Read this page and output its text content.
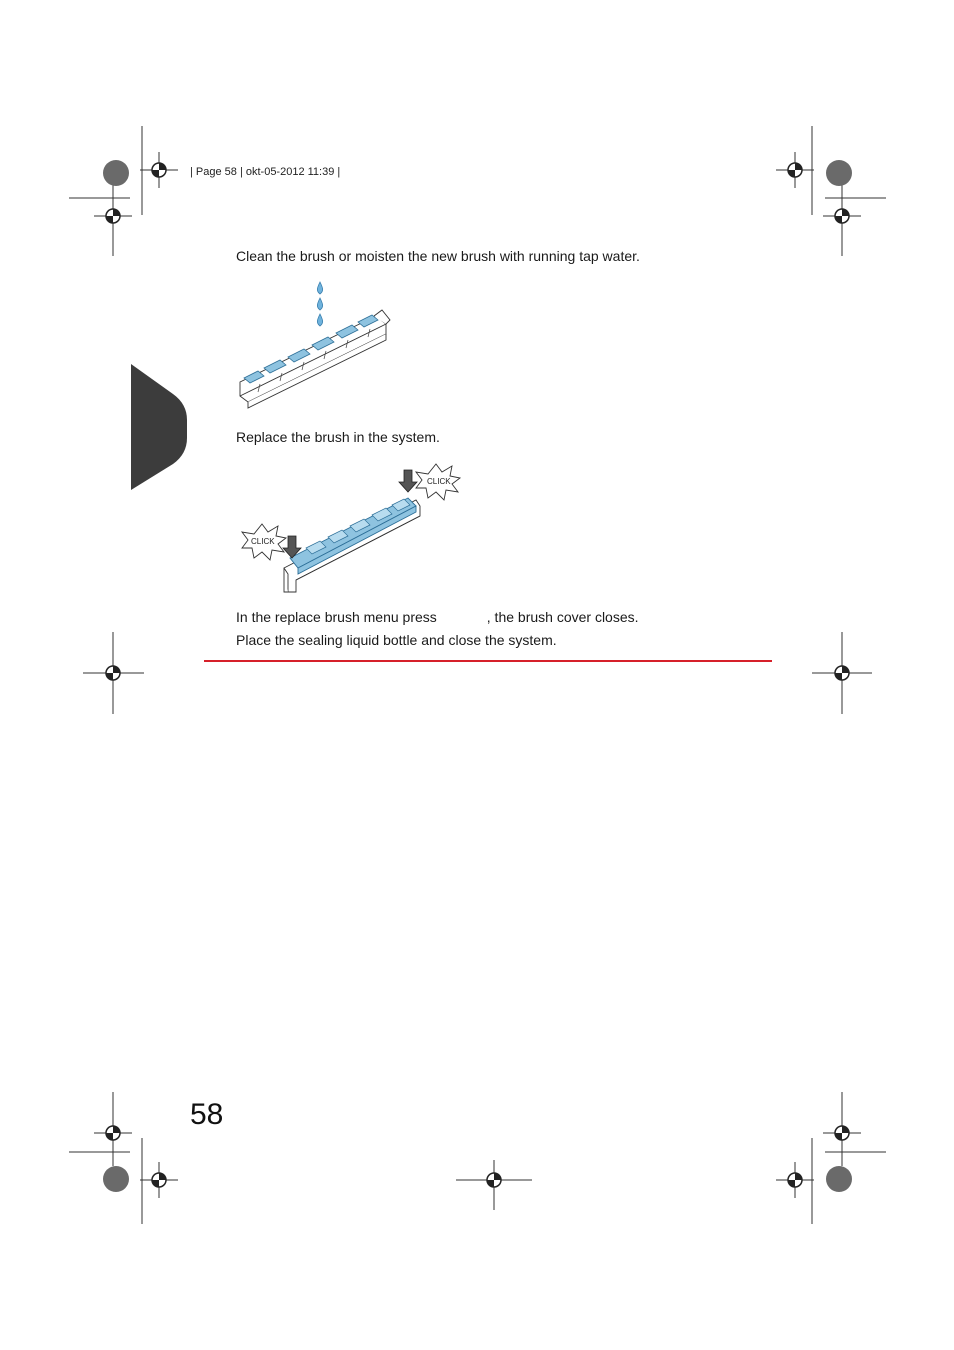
| Page 58 | okt-05-2012 11:39 |
Clean the brush or moisten the new brush with running tap water.
Replace the brush in the system.
CLICK
CLICK
In the replace brush menu press	, the brush cover closes.
Place the sealing liquid bottle and close the system.
58
